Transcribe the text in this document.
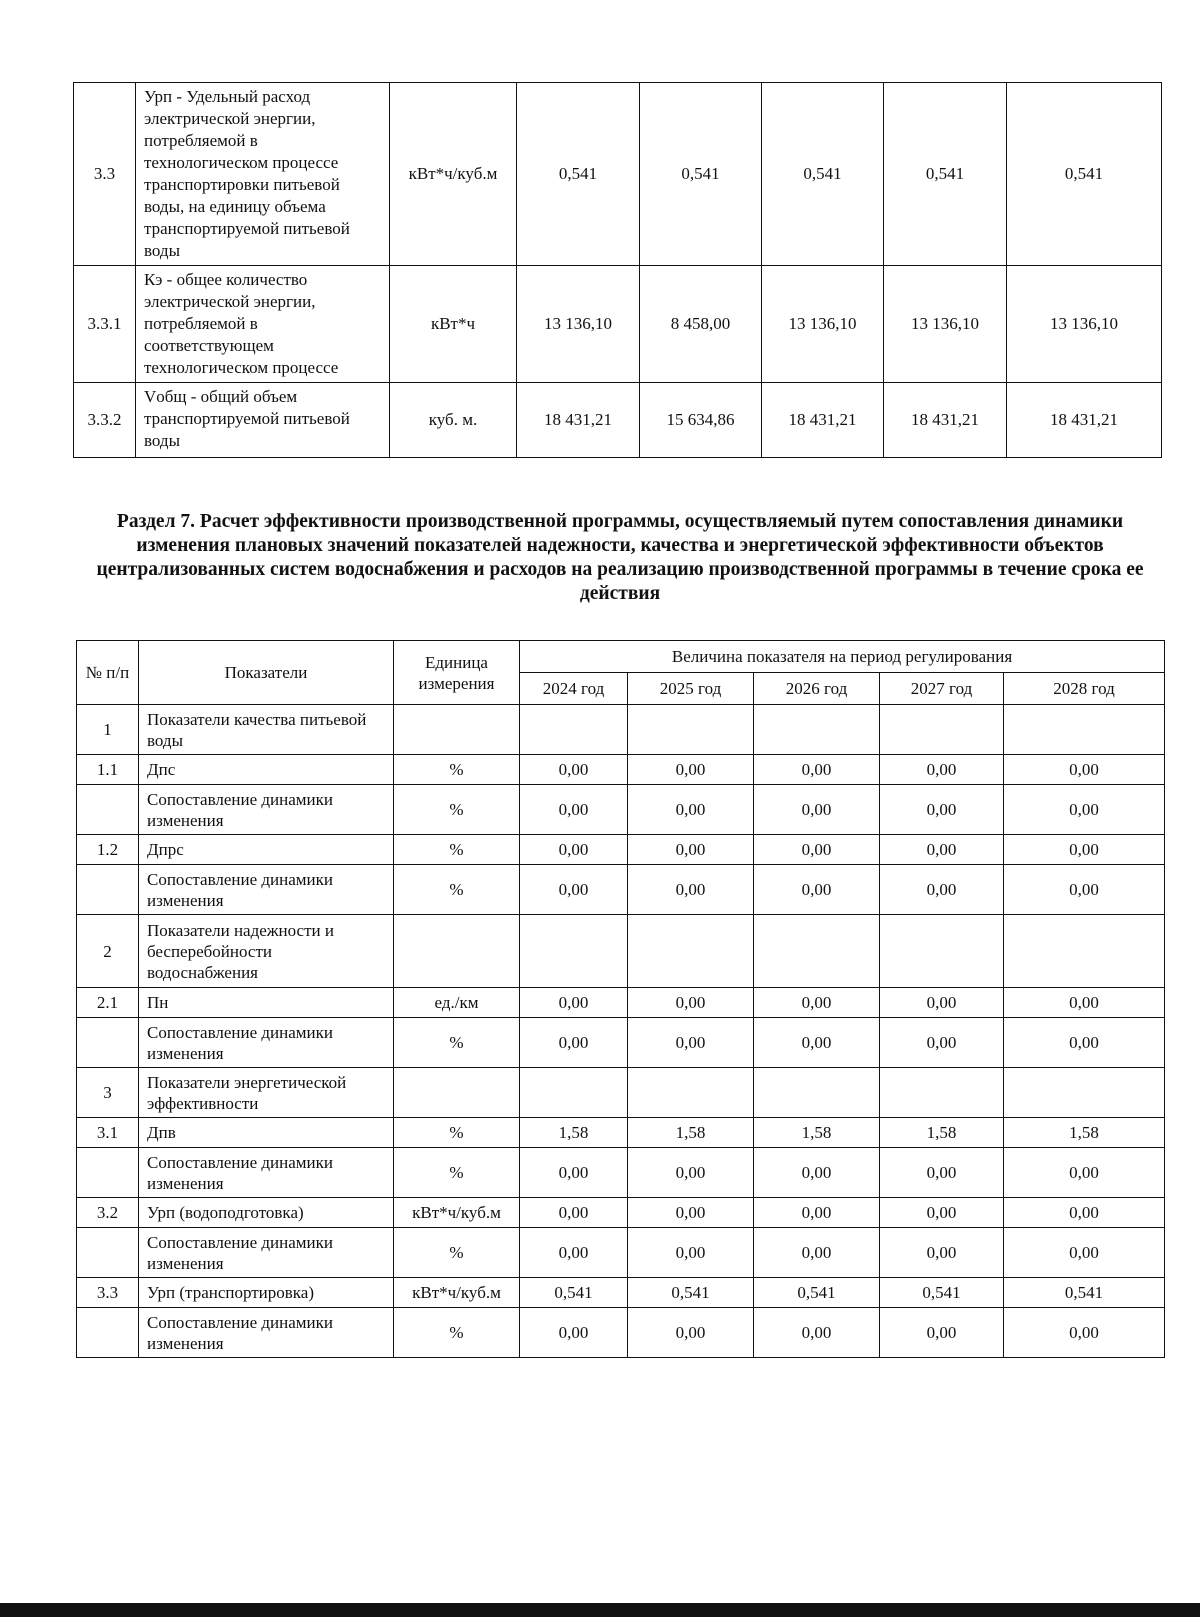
3.3	Урп - Удельный расход электрической энергии, потребляемой в технологическом процессе транспортировки питьевой воды, на единицу объема транспортируемой питьевой воды	кВт*ч/куб.м	0,541	0,541	0,541	0,541	0,541
3.3.1	Кэ - общее количество электрической энергии, потребляемой в соответствующем технологическом процессе	кВт*ч	13 136,10	8 458,00	13 136,10	13 136,10	13 136,10
3.3.2	Vобщ - общий объем транспортируемой питьевой воды	куб. м.	18 431,21	15 634,86	18 431,21	18 431,21	18 431,21

Раздел 7. Расчет эффективности производственной программы, осуществляемый путем сопоставления динамики изменения плановых значений показателей надежности, качества и энергетической эффективности объектов централизованных систем водоснабжения и расходов на реализацию производственной программы в течение срока ее действия

№ п/п	Показатели	Единица измерения	Величина показателя на период регулирования				
			2024 год	2025 год	2026 год	2027 год	2028 год
1	Показатели качества питьевой воды						
1.1	Дпс	%	0,00	0,00	0,00	0,00	0,00
	Сопоставление динамики изменения	%	0,00	0,00	0,00	0,00	0,00
1.2	Дпрс	%	0,00	0,00	0,00	0,00	0,00
	Сопоставление динамики изменения	%	0,00	0,00	0,00	0,00	0,00
2	Показатели надежности и бесперебойности водоснабжения						
2.1	Пн	ед./км	0,00	0,00	0,00	0,00	0,00
	Сопоставление динамики изменения	%	0,00	0,00	0,00	0,00	0,00
3	Показатели энергетической эффективности						
3.1	Дпв	%	1,58	1,58	1,58	1,58	1,58
	Сопоставление динамики изменения	%	0,00	0,00	0,00	0,00	0,00
3.2	Урп (водоподготовка)	кВт*ч/куб.м	0,00	0,00	0,00	0,00	0,00
	Сопоставление динамики изменения	%	0,00	0,00	0,00	0,00	0,00
3.3	Урп (транспортировка)	кВт*ч/куб.м	0,541	0,541	0,541	0,541	0,541
	Сопоставление динамики изменения	%	0,00	0,00	0,00	0,00	0,00
